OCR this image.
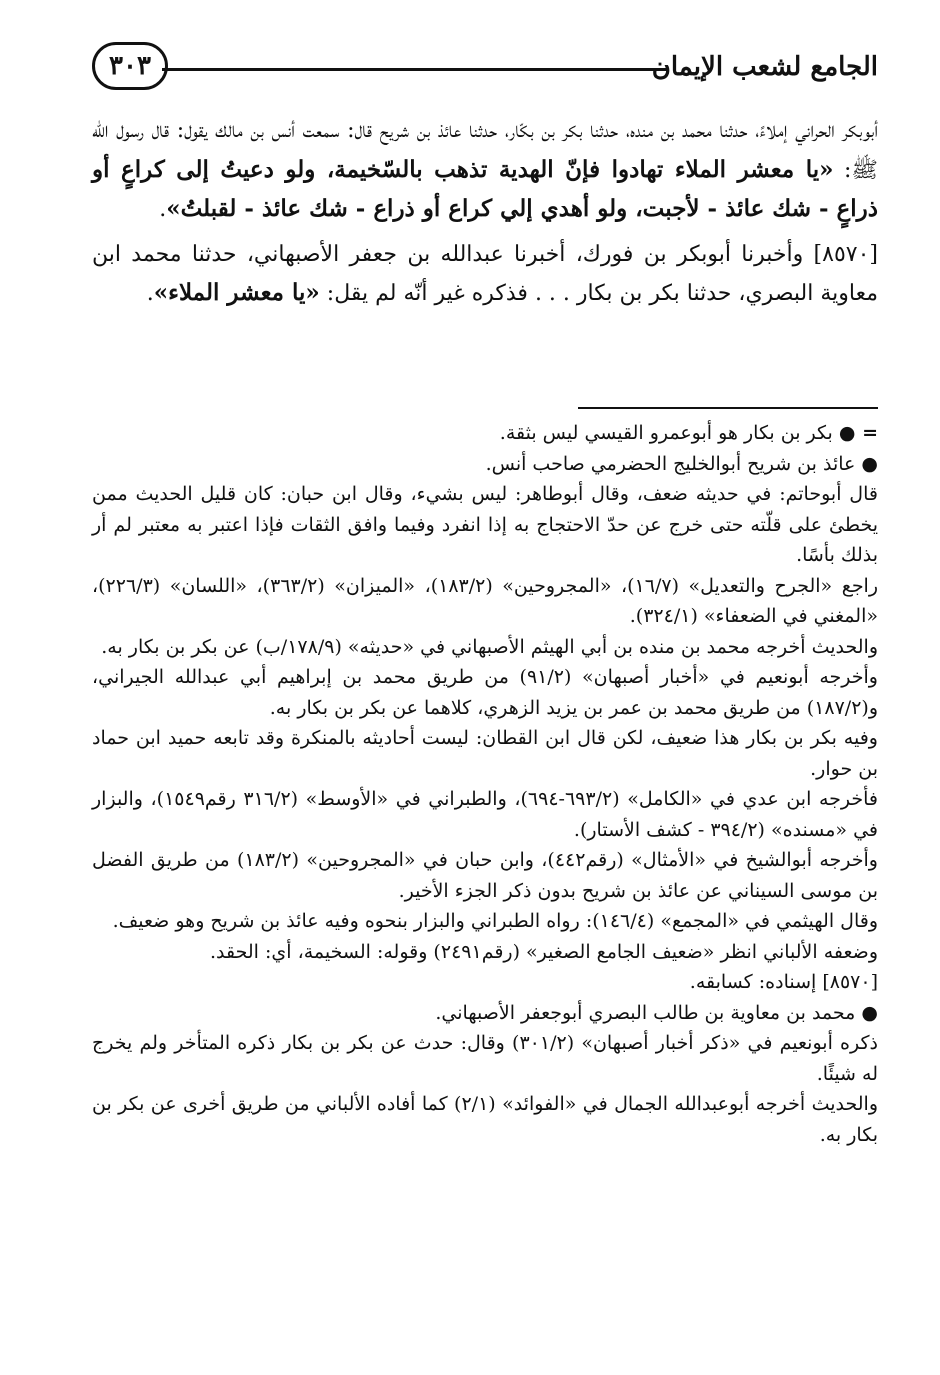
الجامع لشعب الإيمان
٣٠٣

أبوبكر الحراني إملاءً، حدثنا محمد بن منده، حدثنا بكر بن بكّار، حدثنا عائذ بن شريح قال: سمعت أنس بن مالك يقول: قال رسول الله ﷺ: «يا معشر الملاء تهادوا فإنّ الهدية تذهب بالسّخيمة، ولو دعيتُ إلى كراعٍ أو ذراعٍ - شك عائذ - لأجبت، ولو أهدي إلي كراع أو ذراع - شك عائذ - لقبلتُ».

[٨٥٧٠] وأخبرنا أبوبكر بن فورك، أخبرنا عبدالله بن جعفر الأصبهاني، حدثنا محمد ابن معاوية البصري، حدثنا بكر بن بكار . . . فذكره غير أنّه لم يقل: «يا معشر الملاء».

= ● بكر بن بكار هو أبوعمرو القيسي ليس بثقة.

● عائذ بن شريح أبوالخليج الحضرمي صاحب أنس.

قال أبوحاتم: في حديثه ضعف، وقال أبوطاهر: ليس بشيء، وقال ابن حبان: كان قليل الحديث ممن يخطئ على قلّته حتى خرج عن حدّ الاحتجاج به إذا انفرد وفيما وافق الثقات فإذا اعتبر به معتبر لم أر بذلك بأسًا.

راجع «الجرح والتعديل» (١٦/٧)، «المجروحين» (١٨٣/٢)، «الميزان» (٣٦٣/٢)، «اللسان» (٢٢٦/٣)، «المغني في الضعفاء» (٣٢٤/١).

والحديث أخرجه محمد بن منده بن أبي الهيثم الأصبهاني في «حديثه» (١٧٨/٩/ب) عن بكر بن بكار به.

وأخرجه أبونعيم في «أخبار أصبهان» (٩١/٢) من طريق محمد بن إبراهيم أبي عبدالله الجيراني، و(١٨٧/٢) من طريق محمد بن عمر بن يزيد الزهري، كلاهما عن بكر بن بكار به.

وفيه بكر بن بكار هذا ضعيف، لكن قال ابن القطان: ليست أحاديثه بالمنكرة وقد تابعه حميد ابن حماد بن حوار.

فأخرجه ابن عدي في «الكامل» (٦٩٣/٢-٦٩٤)، والطبراني في «الأوسط» (٣١٦/٢ رقم١٥٤٩)، والبزار في «مسنده» (٣٩٤/٢ - كشف الأستار).

وأخرجه أبوالشيخ في «الأمثال» (رقم٤٤٢)، وابن حبان في «المجروحين» (١٨٣/٢) من طريق الفضل بن موسى السيناني عن عائذ بن شريح بدون ذكر الجزء الأخير.

وقال الهيثمي في «المجمع» (١٤٦/٤): رواه الطبراني والبزار بنحوه وفيه عائذ بن شريح وهو ضعيف.

وضعفه الألباني انظر «ضعيف الجامع الصغير» (رقم٢٤٩١) وقوله: السخيمة، أي: الحقد.

[٨٥٧٠] إسناده: كسابقه.

● محمد بن معاوية بن طالب البصري أبوجعفر الأصبهاني.

ذكره أبونعيم في «ذكر أخبار أصبهان» (٣٠١/٢) وقال: حدث عن بكر بن بكار ذكره المتأخر ولم يخرج له شيئًا.

والحديث أخرجه أبوعبدالله الجمال في «الفوائد» (٢/١) كما أفاده الألباني من طريق أخرى عن بكر بن بكار به.
